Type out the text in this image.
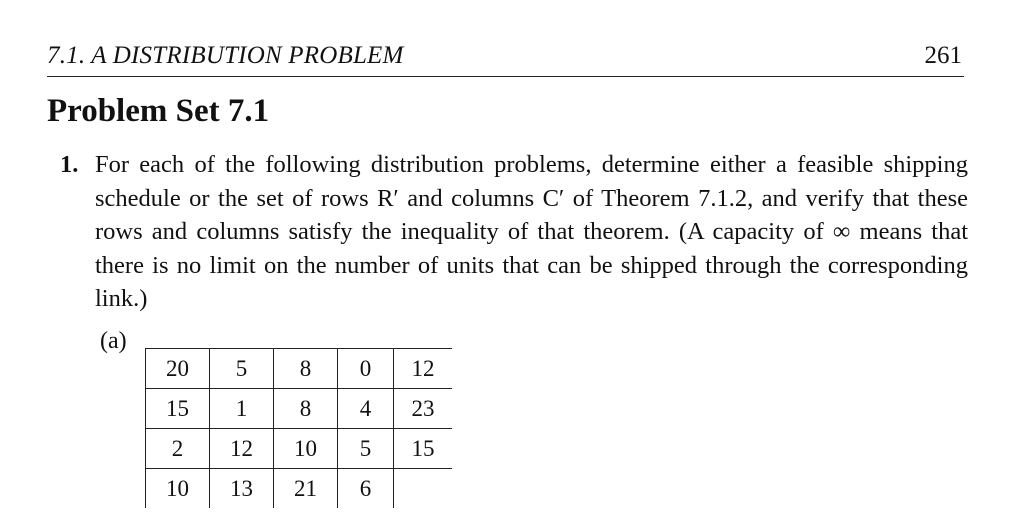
7.1. A DISTRIBUTION PROBLEM	261
Problem Set 7.1
1. For each of the following distribution problems, determine either a feasible shipping schedule or the set of rows R′ and columns C′ of Theorem 7.1.2, and verify that these rows and columns satisfy the inequality of that theorem. (A capacity of ∞ means that there is no limit on the number of units that can be shipped through the corresponding link.)
(a)
20	5	8	0	12
15	1	8	4	23
2	12	10	5	15
10	13	21	6	
